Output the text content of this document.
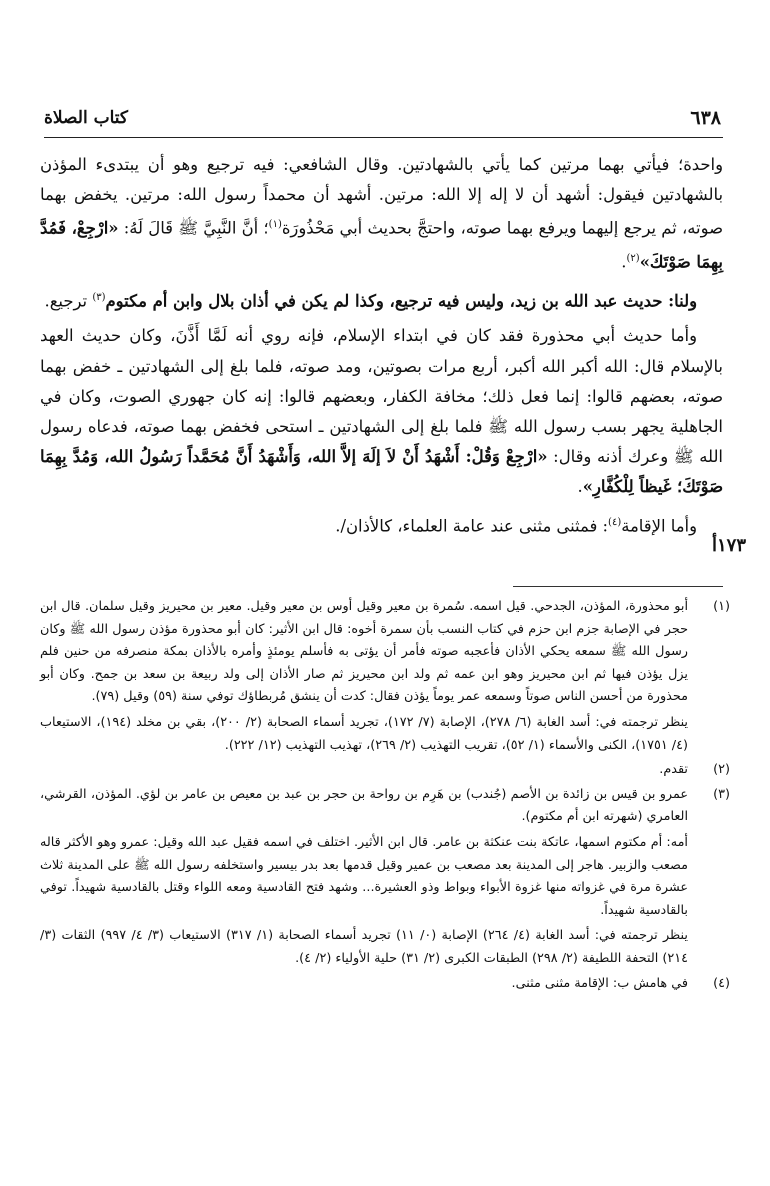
٦٣٨
كتاب الصلاة

واحدة؛ فيأتي بهما مرتين كما يأتي بالشهادتين. وقال الشافعي: فيه ترجيع وهو أن يبتدىء المؤذن بالشهادتين فيقول: أشهد أن لا إله إلا الله: مرتين. أشهد أن محمداً رسول الله: مرتين. يخفض بهما صوته، ثم يرجع إليهما ويرفع بهما صوته، واحتجَّ بحديث أبي مَحْذُورَة$^{(١)}$؛ أنَّ النَّبِيَّ ﷺ قَالَ لَهُ: «ارْجِعْ، فَمُدَّ بِهِمَا صَوْتَكَ»$^{(٢)}$.

ولنا: حديث عبد الله بن زيد، وليس فيه ترجيع، وكذا لم يكن في أذان بلال وابن أم مكتوم$^{(٣)}$ ترجيع.

وأما حديث أبي محذورة فقد كان في ابتداء الإسلام، فإنه روي أنه لَمَّا أَذَّنَ، وكان حديث العهد بالإسلام قال: الله أكبر الله أكبر، أربع مرات بصوتين، ومد صوته، فلما بلغ إلى الشهادتين ـ خفض بهما صوته، بعضهم قالوا: إنما فعل ذلك؛ مخافة الكفار، وبعضهم قالوا: إنه كان جهوري الصوت، وكان في الجاهلية يجهر بسب رسول الله ﷺ فلما بلغ إلى الشهادتين ـ استحى فخفض بهما صوته، فدعاه رسول الله ﷺ وعرك أذنه وقال: «ارْجِعْ وَقُلْ: أَشْهَدُ أَنْ لاَ إلَهَ إلاَّ الله، وَأَشْهَدُ أَنَّ مُحَمَّداً رَسُولُ الله، وَمُدَّ بِهِمَا صَوْتَكَ؛ غَيظاً لِلْكُفَّارِ».

وأما الإقامة$^{(٤)}$: فمثنى مثنى عند عامة العلماء، كالأذان/.

١٧٣أ
(١)

أبو محذورة، المؤذن، الجدحي. قيل اسمه. سُمرة بن معير وقيل أوس بن معير وقيل. معير بن محيريز وقيل سلمان. قال ابن حجر في الإصابة جزم ابن حزم في كتاب النسب بأن سمرة أخوه: قال ابن الأثير: كان أبو محذورة مؤذن رسول الله ﷺ وكان رسول الله ﷺ سمعه يحكي الأذان فأعجبه صوته فأمر أن يؤتى به فأسلم يومئذٍ وأمره بالأذان بمكة منصرفه من حنين فلم يزل يؤذن فيها ثم ابن محيريز وهو ابن عمه ثم ولد ابن محيريز ثم صار الأذان إلى ولد ربيعة بن سعد بن جمح. وكان أبو محذورة من أحسن الناس صوتاً وسمعه عمر يوماً يؤذن فقال: كدت أن ينشق مُربطاؤك توفي سنة (٥٩) وقيل (٧٩).

ينظر ترجمته في: أسد الغابة (٦/ ٢٧٨)، الإصابة (٧/ ١٧٢)، تجريد أسماء الصحابة (٢/ ٢٠٠)، بقي بن مخلد (١٩٤)، الاستيعاب (٤/ ١٧٥١)، الكنى والأسماء (١/ ٥٢)، تقريب التهذيب (٢/ ٢٦٩)، تهذيب التهذيب (١٢/ ٢٢٢).

(٢)

تقدم.

(٣)

عمرو بن قيس بن زائدة بن الأصم (جُندب) بن هَرِم بن رواحة بن حجر بن عبد بن معيص بن عامر بن لؤي. المؤذن، القرشي، العامري (شهرته ابن أم مكتوم).

أمه: أم مكتوم اسمها، عاتكة بنت عنكثة بن عامر. قال ابن الأثير. اختلف في اسمه فقيل عبد الله وقيل: عمرو وهو الأكثر قاله مصعب والزبير. هاجر إلى المدينة بعد مصعب بن عمير وقيل قدمها بعد بدر بيسير واستخلفه رسول الله ﷺ على المدينة ثلاث عشرة مرة في غزواته منها غزوة الأبواء وبواط وذو العشيرة... وشهد فتح القادسية ومعه اللواء وقتل بالقادسية شهيداً. توفي بالقادسية شهيداً.

ينظر ترجمته في: أسد الغابة (٤/ ٢٦٤) الإصابة (٠/ ١١) تجريد أسماء الصحابة (١/ ٣١٧) الاستيعاب (٣/ ٤/ ٩٩٧) الثقات (٣/ ٢١٤) التحفة اللطيفة (٢/ ٢٩٨) الطبقات الكبرى (٢/ ٣١) حلية الأولياء (٢/ ٤).

(٤)

في هامش ب: الإقامة مثنى مثنى.
